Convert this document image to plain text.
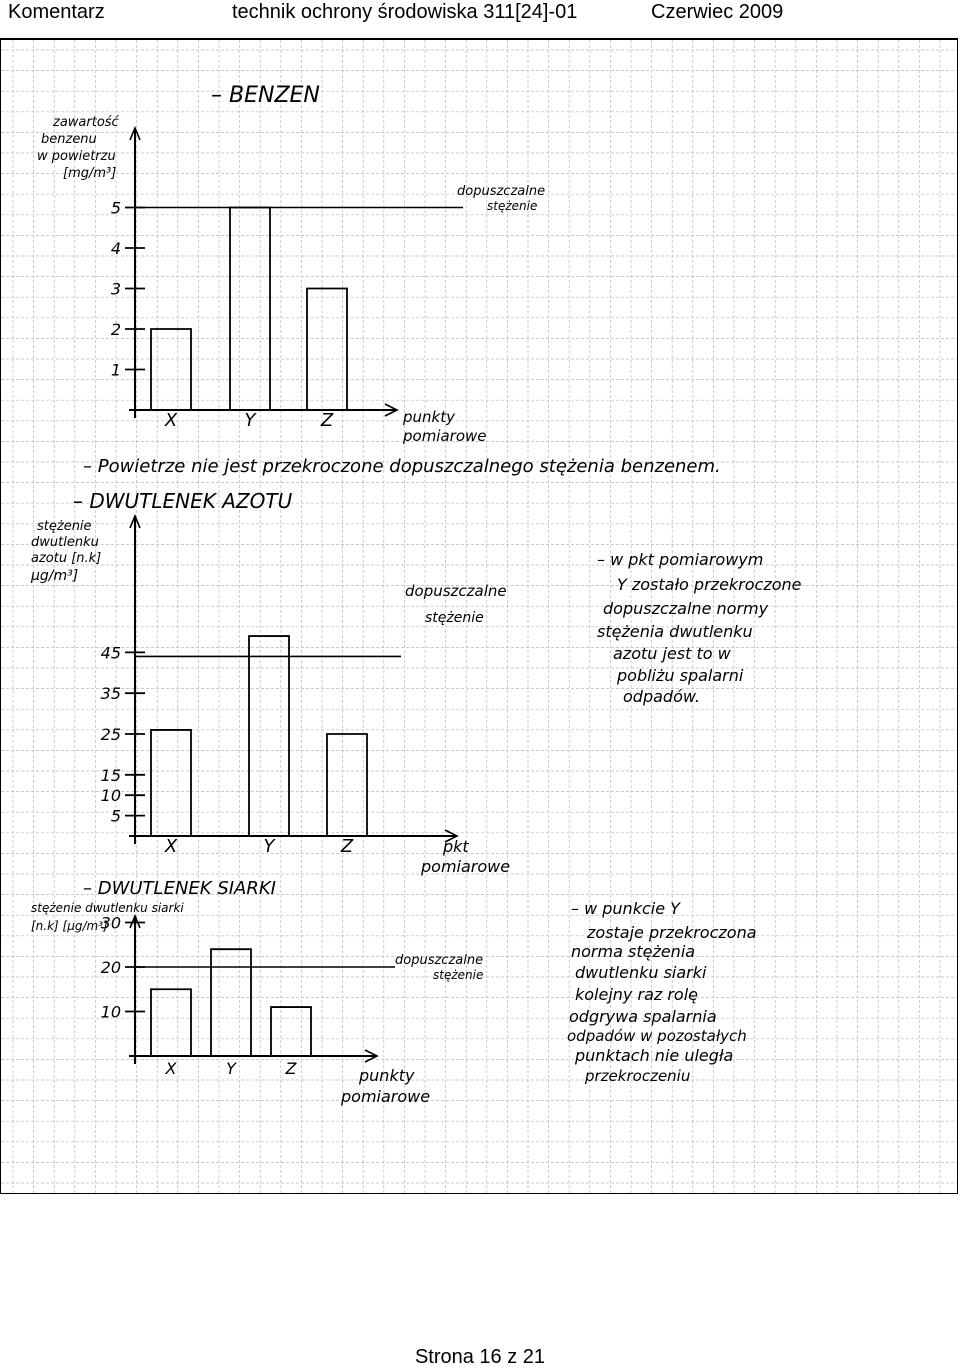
Komentarz	technik ochrony środowiska 311[24]-01	Czerwiec 2009
– BENZEN
zawartość
benzenu
w powietrzu
[mg/m³]
5
4
3
2
1
X	Y	Z
dopuszczalne
stężenie
punkty
pomiarowe
– Powietrze nie jest przekroczone dopuszczalnego stężenia benzenem.
– DWUTLENEK AZOTU
stężenie
dwutlenku
azotu [n.k]
µg/m³]
45
35
25
15
10
5
X	Y	Z
dopuszczalne
stężenie
pkt
pomiarowe
– w pkt pomiarowym
Y zostało przekroczone
dopuszczalne normy
stężenia dwutlenku
azotu jest to w
pobliżu spalarni
odpadów.
– DWUTLENEK SIARKI
stężenie dwutlenku siarki
[n.k] [µg/m³]
30
20
10
X	Y	Z
dopuszczalne
stężenie
punkty
pomiarowe
– w punkcie Y
zostaje przekroczona
norma stężenia
dwutlenku siarki
kolejny raz rolę
odgrywa spalarnia
odpadów w pozostałych
punktach nie uległa
przekroczeniu
Strona 16 z 21
